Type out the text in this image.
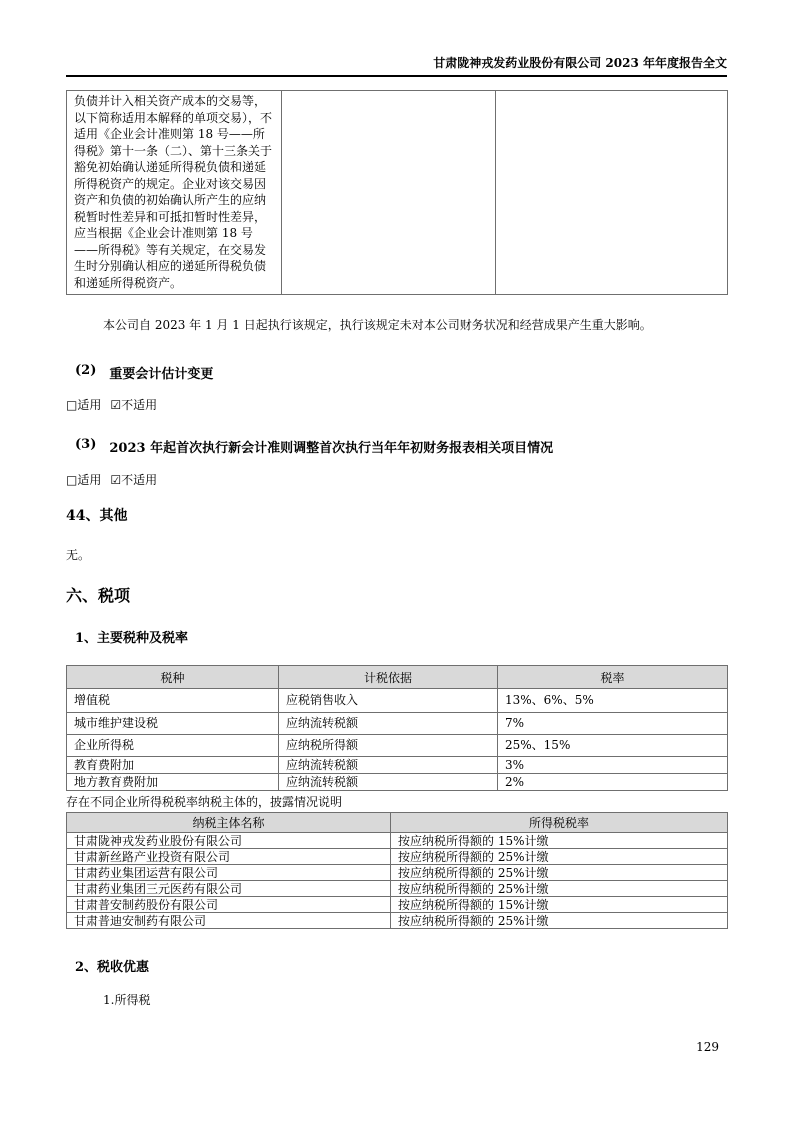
甘肃陇神戎发药业股份有限公司 2023 年年度报告全文
负债并计入相关资产成本的交易等，以下简称适用本解释的单项交易），不适用《企业会计准则第 18 号——所得税》第十一条（二）、第十三条关于豁免初始确认递延所得税负债和递延所得税资产的规定。企业对该交易因资产和负债的初始确认所产生的应纳税暂时性差异和可抵扣暂时性差异，应当根据《企业会计准则第 18 号——所得税》等有关规定，在交易发生时分别确认相应的递延所得税负债和递延所得税资产。		
本公司自 2023 年 1 月 1 日起执行该规定，执行该规定未对本公司财务状况和经营成果产生重大影响。
(2) 重要会计估计变更
□适用 ☑不适用
(3) 2023 年起首次执行新会计准则调整首次执行当年年初财务报表相关项目情况
□适用 ☑不适用
44、其他
无。
六、税项
1、主要税种及税率
税种	计税依据	税率
增值税	应税销售收入	13%、6%、5%
城市维护建设税	应纳流转税额	7%
企业所得税	应纳税所得额	25%、15%
教育费附加	应纳流转税额	3%
地方教育费附加	应纳流转税额	2%
存在不同企业所得税税率纳税主体的，披露情况说明
纳税主体名称	所得税税率
甘肃陇神戎发药业股份有限公司	按应纳税所得额的 15%计缴
甘肃新丝路产业投资有限公司	按应纳税所得额的 25%计缴
甘肃药业集团运营有限公司	按应纳税所得额的 25%计缴
甘肃药业集团三元医药有限公司	按应纳税所得额的 25%计缴
甘肃普安制药股份有限公司	按应纳税所得额的 15%计缴
甘肃普迪安制药有限公司	按应纳税所得额的 25%计缴
2、税收优惠
1.所得税
129
